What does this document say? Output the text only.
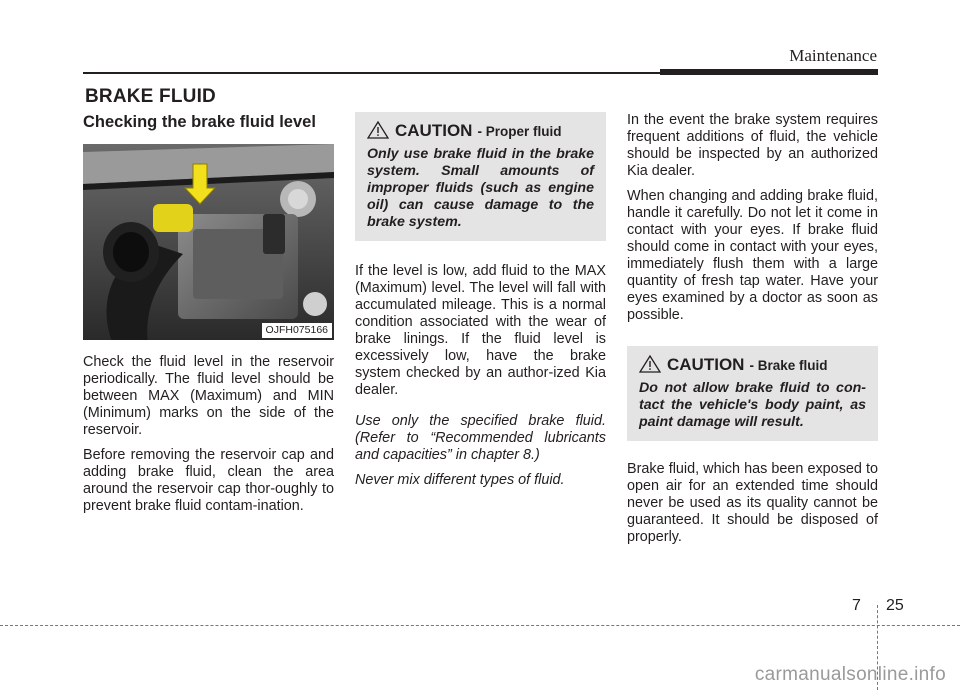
Maintenance
BRAKE FLUID
Checking the brake fluid level
OJFH075166

Check the fluid level in the reservoir periodically. The fluid level should be between MAX (Maximum) and MIN (Minimum) marks on the side of the reservoir.

Before removing the reservoir cap and adding brake fluid, clean the area around the reservoir cap thor-oughly to prevent brake fluid contam-ination.

CAUTION - Proper fluid
Only use brake fluid in the brake system. Small amounts of improper fluids (such as engine oil) can cause damage to the brake system.

If the level is low, add fluid to the MAX (Maximum) level. The level will fall with accumulated mileage. This is a normal condition associated with the wear of brake linings. If the fluid level is excessively low, have the brake system checked by an author-ized Kia dealer.

Use only the specified brake fluid. (Refer to “Recommended lubricants and capacities” in chapter 8.)

Never mix different types of fluid.

In the event the brake system requires frequent additions of fluid, the vehicle should be inspected by an authorized Kia dealer.

When changing and adding brake fluid, handle it carefully. Do not let it come in contact with your eyes. If brake fluid should come in contact with your eyes, immediately flush them with a large quantity of fresh tap water. Have your eyes examined by a doctor as soon as possible.

CAUTION - Brake fluid
Do not allow brake fluid to con-tact the vehicle's body paint, as paint damage will result.

Brake fluid, which has been exposed to open air for an extended time should never be used as its quality cannot be guaranteed. It should be disposed of properly.

7 25
carmanualsonline.info
